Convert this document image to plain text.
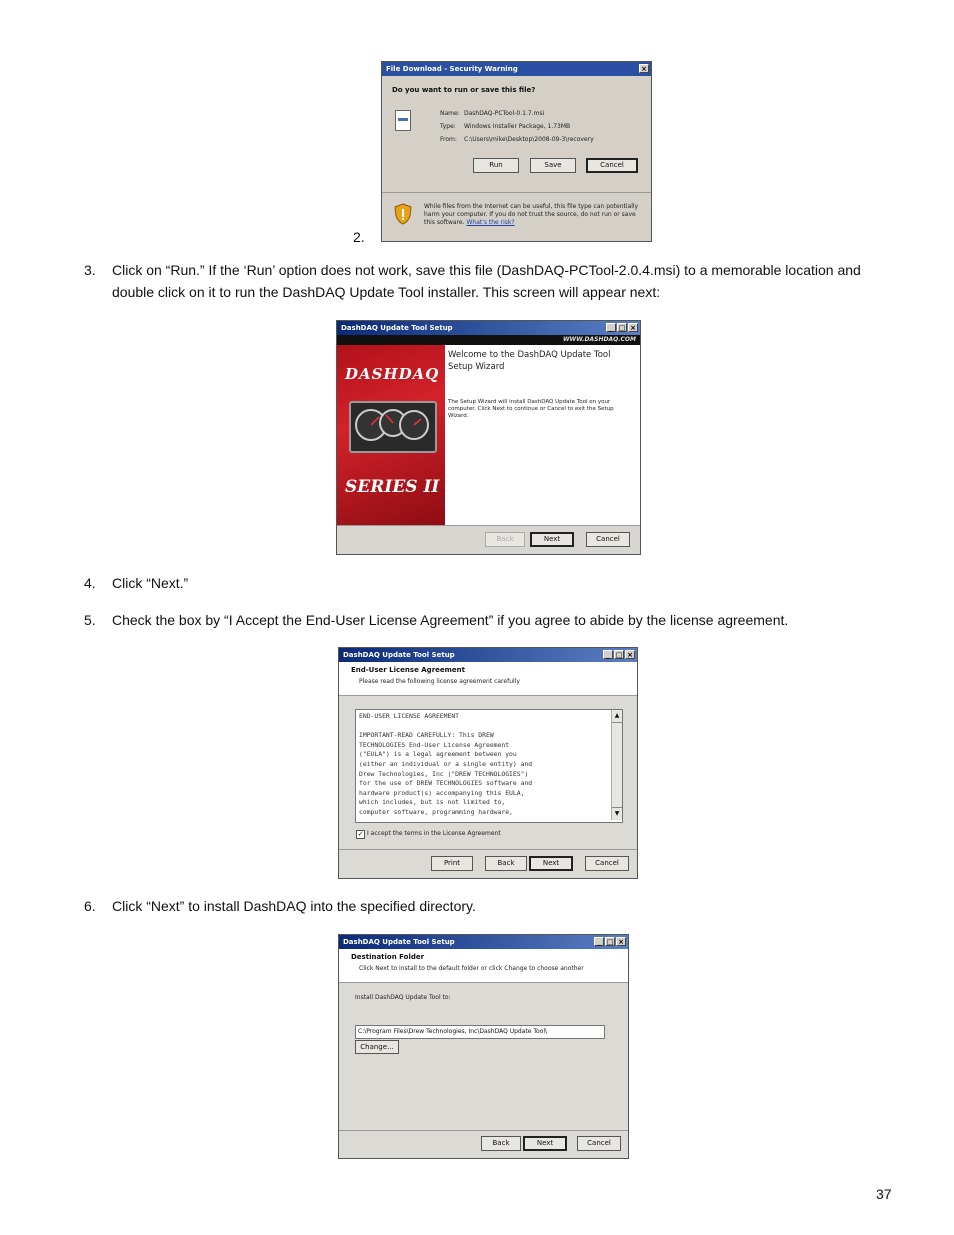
2.
File Download - Security Warning	×
Do you want to run or save this file?
Name: DashDAQ-PCTool-0.1.7.msi
Type: Windows Installer Package, 1.73MB
From: C:\Users\mike\Desktop\2008-09-3\recovery
Run	Save	Cancel
While files from the Internet can be useful, this file type can potentially harm your computer. If you do not trust the source, do not run or save this software. What's the risk?
3.	Click on “Run.” If the ‘Run’ option does not work, save this file (DashDAQ-PCTool-2.0.4.msi) to a memorable location and double click on it to run the DashDAQ Update Tool installer. This screen will appear next:
DashDAQ Update Tool Setup	_ □ ×
WWW.DASHDAQ.COM
DASHDAQ
SERIES II
Welcome to the DashDAQ Update Tool Setup Wizard
The Setup Wizard will install DashDAQ Update Tool on your computer. Click Next to continue or Cancel to exit the Setup Wizard.
Back	Next	Cancel
4.	Click “Next.”
5.	Check the box by “I Accept the End-User License Agreement” if you agree to abide by the license agreement.
DashDAQ Update Tool Setup	_ □ ×
End-User License Agreement
Please read the following license agreement carefully
END-USER LICENSE AGREEMENT

IMPORTANT-READ CAREFULLY: This DREW
TECHNOLOGIES End-User License Agreement
("EULA") is a legal agreement between you
(either an individual or a single entity) and
Drew Technologies, Inc ("DREW TECHNOLOGIES")
for the use of DREW TECHNOLOGIES software and
hardware product(s) accompanying this EULA,
which includes, but is not limited to,
computer software, programming hardware,
▲
▼
✓ I accept the terms in the License Agreement
Print	Back	Next	Cancel
6.	Click “Next” to install DashDAQ into the specified directory.
DashDAQ Update Tool Setup	_ □ ×
Destination Folder
Click Next to install to the default folder or click Change to choose another
Install DashDAQ Update Tool to:
C:\Program Files\Drew Technologies, Inc\DashDAQ Update Tool\
Change...
Back	Next	Cancel
37
